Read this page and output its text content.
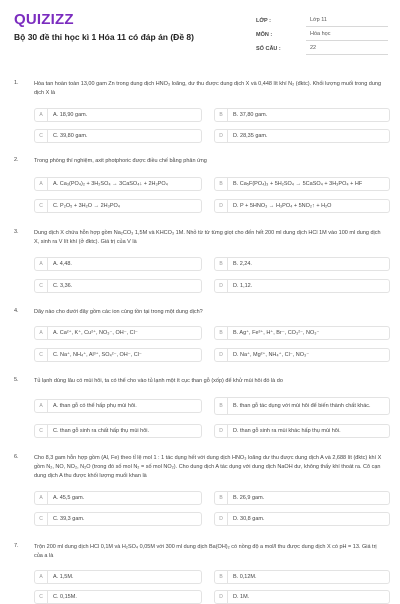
QUIZIZZ
Bộ 30 đề thi học kì 1 Hóa 11 có đáp án (Đề 8)
LỚP :	Lớp 11
MÔN :	Hóa học
SỐ CÂU :	22
1.	Hòa tan hoàn toàn 13,00 gam Zn trong dung dịch HNO₃ loãng, dư thu được dung dịch X và 0,448 lít khí N₂ (đktc). Khối lượng muối trong dung dịch X là
A	A. 18,90 gam.	B	B. 37,80 gam.
C	C. 39,80 gam.	D	D. 28,35 gam.
2.	Trong phòng thí nghiệm, axit photphoric được điều chế bằng phản ứng
A	A. Ca₃(PO₄)₂ + 3H₂SO₄ → 3CaSO₄↓ + 2H₃PO₄	B	B. Ca₅F(PO₄)₃ + 5H₂SO₄ → 5CaSO₄ + 3H₃PO₄ + HF
C	C. P₂O₅ + 3H₂O → 2H₃PO₄	D	D. P + 5HNO₃ → H₃PO₄ + 5NO₂↑ + H₂O
3.	Dung dịch X chứa hỗn hợp gồm Na₂CO₃ 1,5M và KHCO₃ 1M. Nhỏ từ từ từng giọt cho đến hết 200 ml dung dịch HCl 1M vào 100 ml dung dịch X, sinh ra V lít khí (ở đktc). Giá trị của V là
A	A. 4,48.	B	B. 2,24.
C	C. 3,36.	D	D. 1,12.
4.	Dãy nào cho dưới đây gồm các ion cùng tồn tại trong một dung dịch?
A	A. Ca²⁺, K⁺, Cu²⁺, NO₃⁻, OH⁻, Cl⁻	B	B. Ag⁺, Fe³⁺, H⁺, Br⁻, CO₃²⁻, NO₃⁻
C	C. Na⁺, NH₄⁺, Al³⁺, SO₄²⁻, OH⁻, Cl⁻	D	D. Na⁺, Mg²⁺, NH₄⁺, Cl⁻, NO₃⁻
5.	Tủ lạnh dùng lâu có mùi hôi, ta có thể cho vào tủ lạnh một ít cục than gỗ (xốp) để khử mùi hôi đó là do
A	A. than gỗ có thể hấp phụ mùi hôi.	B	B. than gỗ tác dụng với mùi hôi để biến thành chất khác.
C	C. than gỗ sinh ra chất hấp thụ mùi hôi.	D	D. than gỗ sinh ra mùi khác hấp thụ mùi hôi.
6.	Cho 8,3 gam hỗn hợp gồm (Al, Fe) theo tỉ lệ mol 1 : 1 tác dụng hết với dung dịch HNO₃ loãng dư thu được dung dịch A và 2,688 lít (đktc) khí X gồm N₂, NO, NO₂, N₂O (trong đó số mol N₂ = số mol NO₂). Cho dung dịch A tác dụng với dung dịch NaOH dư, không thấy khí thoát ra. Cô cạn dung dịch A thu được khối lượng muối khan là
A	A. 45,5 gam.	B	B. 26,9 gam.
C	C. 39,3 gam.	D	D. 30,8 gam.
7.	Trộn 200 ml dung dịch HCl 0,1M và H₂SO₄ 0,05M với 300 ml dung dịch Ba(OH)₂ có nồng độ a mol/l thu được dung dịch X có pH = 13. Giá trị của a là
A	A. 1,5M.	B	B. 0,12M.
C	C. 0,15M.	D	D. 1M.
